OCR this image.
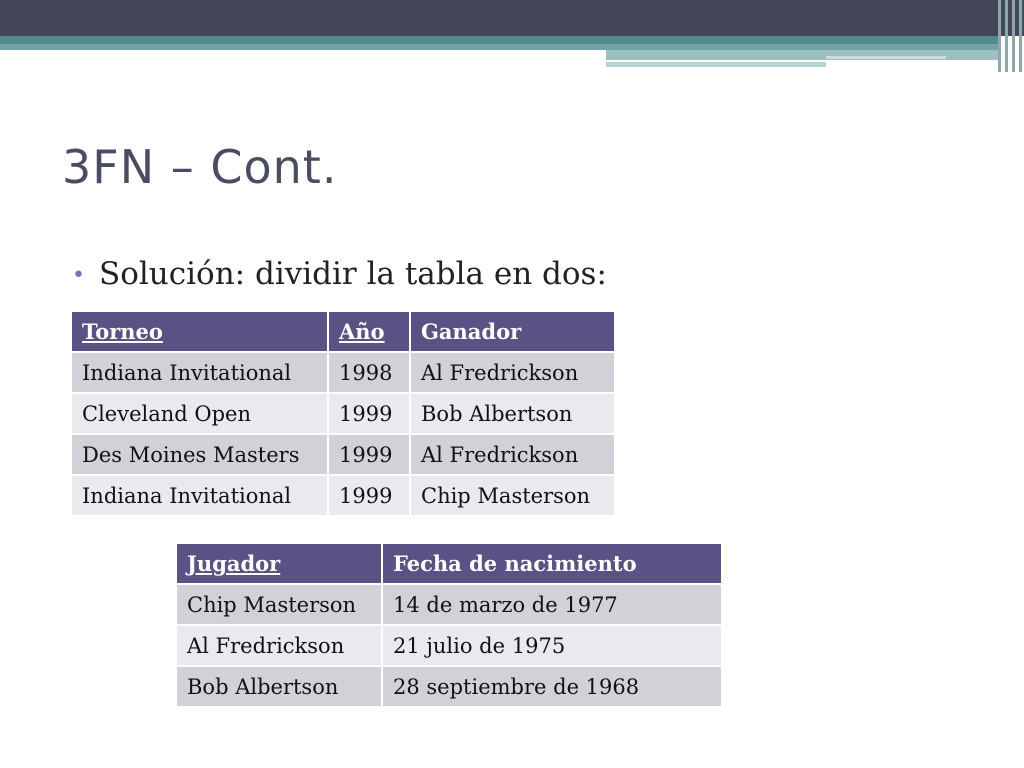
3FN – Cont.
• Solución: dividir la tabla en dos:
Torneo	Año	Ganador
Indiana Invitational	1998	Al Fredrickson
Cleveland Open	1999	Bob Albertson
Des Moines Masters	1999	Al Fredrickson
Indiana Invitational	1999	Chip Masterson
Jugador	Fecha de nacimiento
Chip Masterson	14 de marzo de 1977
Al Fredrickson	21 julio de 1975
Bob Albertson	28 septiembre de 1968
